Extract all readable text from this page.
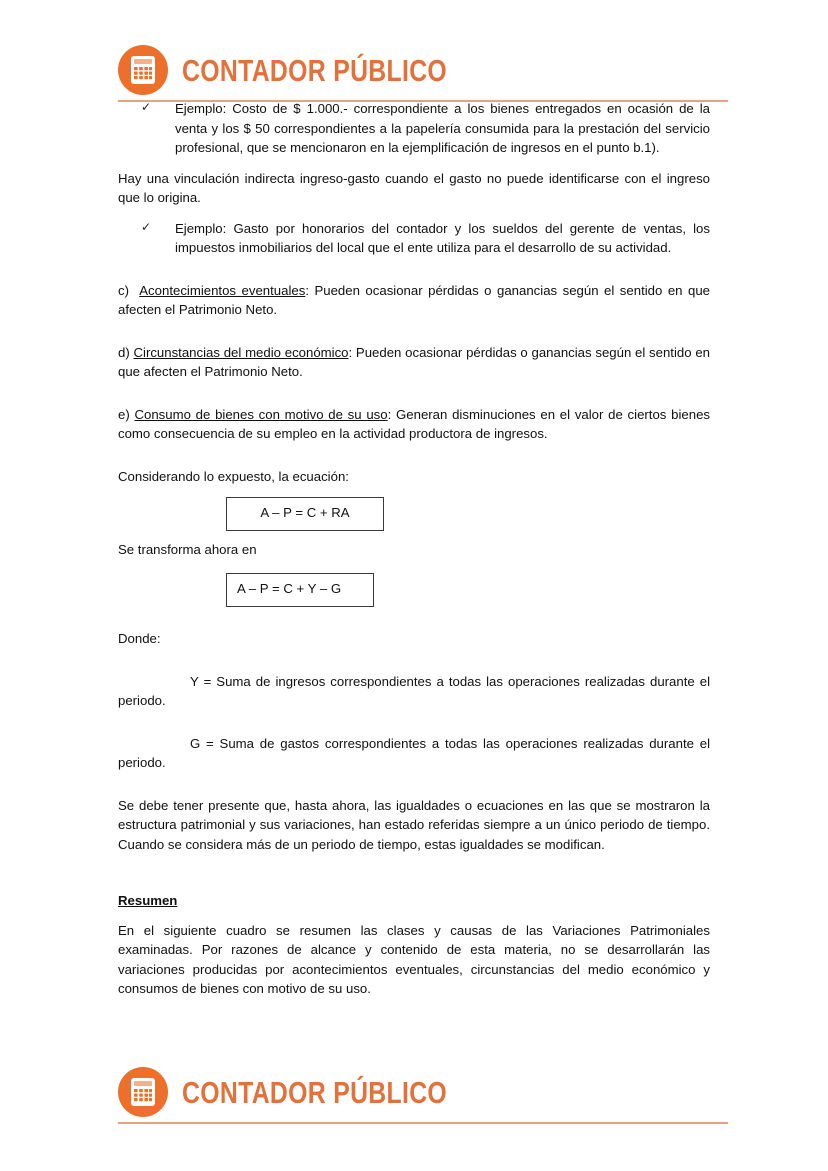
CONTADOR PÚBLICO
✓	Ejemplo: Costo de $ 1.000.- correspondiente a los bienes entregados en ocasión de la venta y los $ 50 correspondientes a la papelería consumida para la prestación del servicio profesional, que se mencionaron en la ejemplificación de ingresos en el punto b.1).

Hay una vinculación indirecta ingreso-gasto cuando el gasto no puede identificarse con el ingreso que lo origina.

✓	Ejemplo: Gasto por honorarios del contador y los sueldos del gerente de ventas, los impuestos inmobiliarios del local que el ente utiliza para el desarrollo de su actividad.

c) Acontecimientos eventuales: Pueden ocasionar pérdidas o ganancias según el sentido en que afecten el Patrimonio Neto.

d) Circunstancias del medio económico: Pueden ocasionar pérdidas o ganancias según el sentido en que afecten el Patrimonio Neto.

e) Consumo de bienes con motivo de su uso: Generan disminuciones en el valor de ciertos bienes como consecuencia de su empleo en la actividad productora de ingresos.

Considerando lo expuesto, la ecuación:

A – P = C + RA

Se transforma ahora en

A – P = C + Y – G

Donde:

Y = Suma de ingresos correspondientes a todas las operaciones realizadas durante el periodo.

G = Suma de gastos correspondientes a todas las operaciones realizadas durante el periodo.

Se debe tener presente que, hasta ahora, las igualdades o ecuaciones en las que se mostraron la estructura patrimonial y sus variaciones, han estado referidas siempre a un único periodo de tiempo. Cuando se considera más de un periodo de tiempo, estas igualdades se modifican.

Resumen

En el siguiente cuadro se resumen las clases y causas de las Variaciones Patrimoniales examinadas. Por razones de alcance y contenido de esta materia, no se desarrollarán las variaciones producidas por acontecimientos eventuales, circunstancias del medio económico y consumos de bienes con motivo de su uso.

CONTADOR PÚBLICO
